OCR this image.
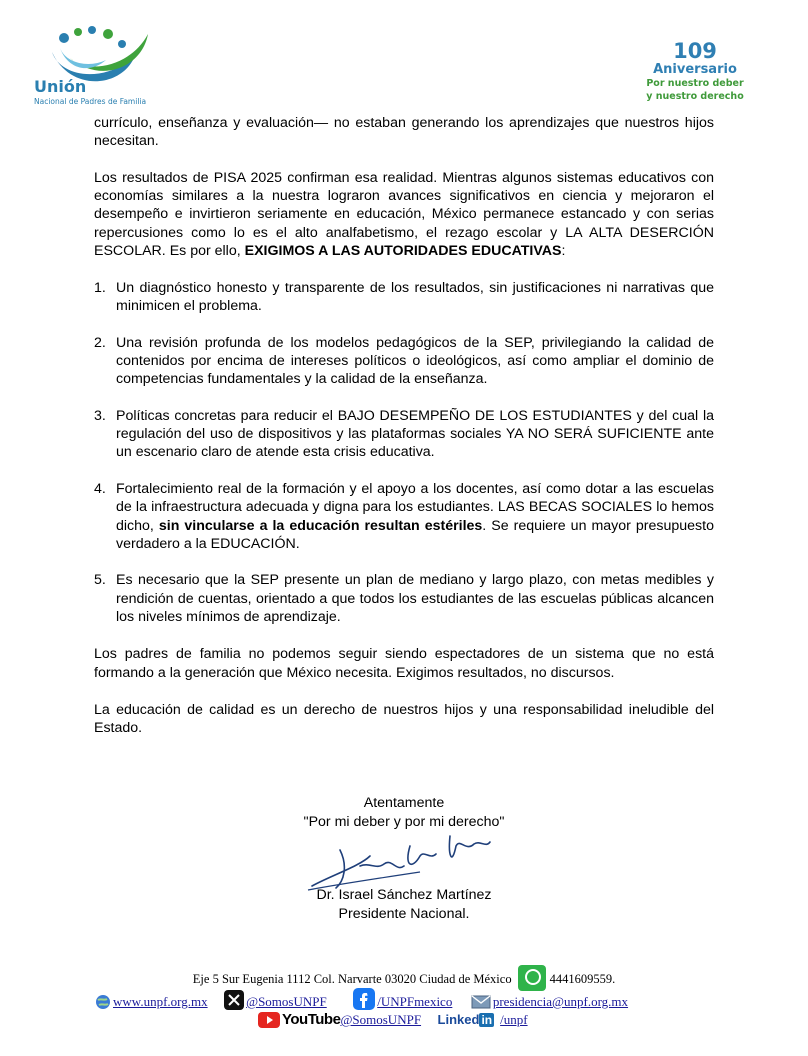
Unión
Nacional de Padres de Familia
109
Aniversario
Por nuestro deber
y nuestro derecho

currículo, enseñanza y evaluación— no estaban generando los aprendizajes que nuestros hijos necesitan.

Los resultados de PISA 2025 confirman esa realidad. Mientras algunos sistemas educativos con economías similares a la nuestra lograron avances significativos en ciencia y mejoraron el desempeño e invirtieron seriamente en educación, México permanece estancado y con serias repercusiones como lo es el alto analfabetismo, el rezago escolar y LA ALTA DESERCIÓN ESCOLAR. Es por ello, EXIGIMOS A LAS AUTORIDADES EDUCATIVAS:

1. Un diagnóstico honesto y transparente de los resultados, sin justificaciones ni narrativas que minimicen el problema.
2. Una revisión profunda de los modelos pedagógicos de la SEP, privilegiando la calidad de contenidos por encima de intereses políticos o ideológicos, así como ampliar el dominio de competencias fundamentales y la calidad de la enseñanza.
3. Políticas concretas para reducir el BAJO DESEMPEÑO DE LOS ESTUDIANTES y del cual la regulación del uso de dispositivos y las plataformas sociales YA NO SERÁ SUFICIENTE ante un escenario claro de atende esta crisis educativa.
4. Fortalecimiento real de la formación y el apoyo a los docentes, así como dotar a las escuelas de la infraestructura adecuada y digna para los estudiantes. LAS BECAS SOCIALES lo hemos dicho, sin vincularse a la educación resultan estériles. Se requiere un mayor presupuesto verdadero a la EDUCACIÓN.
5. Es necesario que la SEP presente un plan de mediano y largo plazo, con metas medibles y rendición de cuentas, orientado a que todos los estudiantes de las escuelas públicas alcancen los niveles mínimos de aprendizaje.

Los padres de familia no podemos seguir siendo espectadores de un sistema que no está formando a la generación que México necesita. Exigimos resultados, no discursos.

La educación de calidad es un derecho de nuestros hijos y una responsabilidad ineludible del Estado.

Atentamente
"Por mi deber y por mi derecho"
Dr. Israel Sánchez Martínez
Presidente Nacional.
Eje 5 Sur Eugenia 1112 Col. Narvarte 03020 Ciudad de México	4441609559.
www.unpf.org.mx	@SomosUNPF	/UNPFmexico	presidencia@unpf.org.mx
YouTube@SomosUNPF Linked in /unpf
